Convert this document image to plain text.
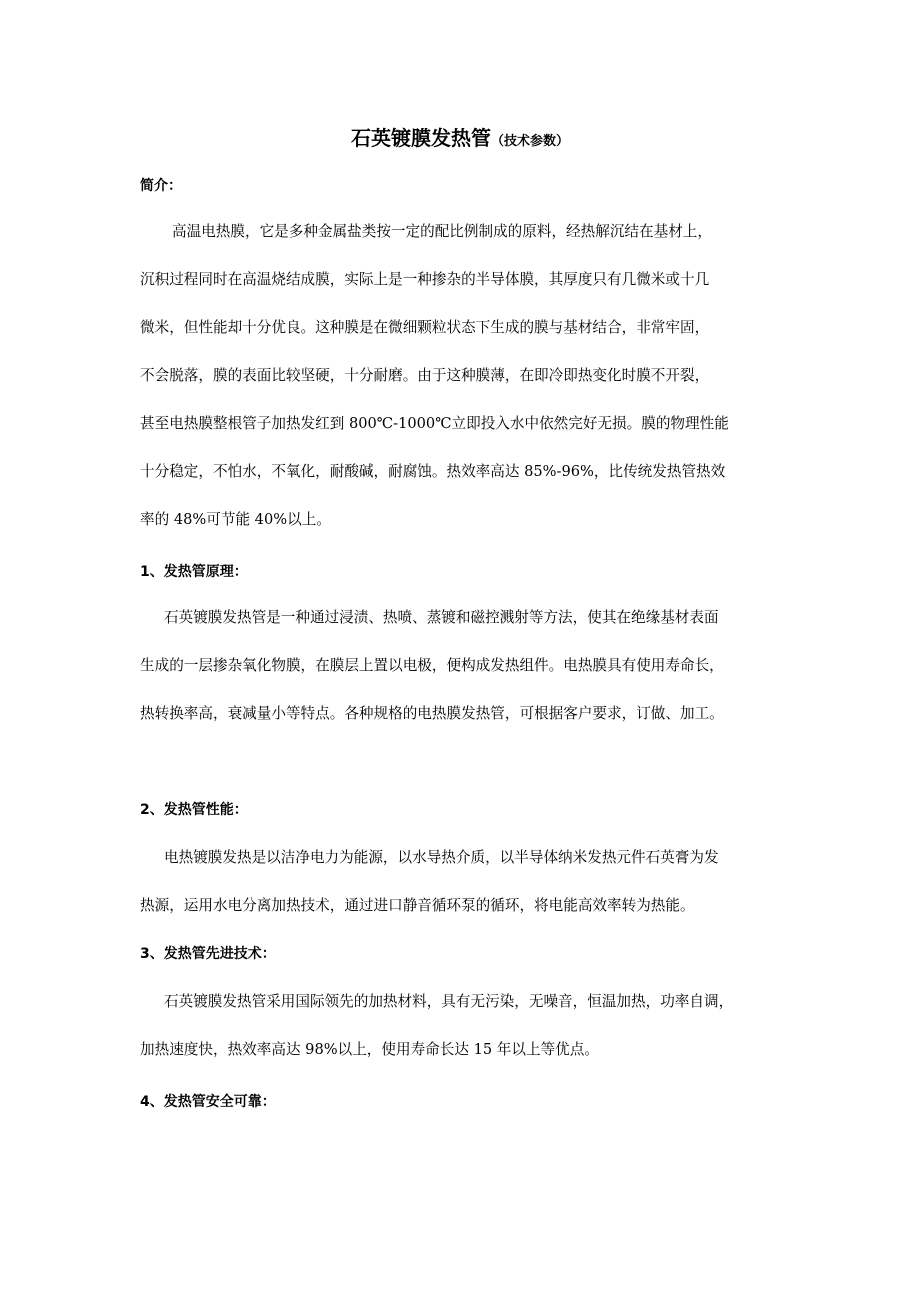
石英镀膜发热管（技术参数）
简介：
高温电热膜，它是多种金属盐类按一定的配比例制成的原料，经热解沉结在基材上，
沉积过程同时在高温烧结成膜，实际上是一种掺杂的半导体膜，其厚度只有几微米或十几
微米，但性能却十分优良。这种膜是在微细颗粒状态下生成的膜与基材结合，非常牢固，
不会脱落，膜的表面比较坚硬，十分耐磨。由于这种膜薄，在即冷即热变化时膜不开裂，
甚至电热膜整根管子加热发红到 800℃-1000℃立即投入水中依然完好无损。膜的物理性能
十分稳定，不怕水，不氧化，耐酸碱，耐腐蚀。热效率高达 85%-96%，比传统发热管热效
率的 48%可节能 40%以上。
1、发热管原理：
石英镀膜发热管是一种通过浸渍、热喷、蒸镀和磁控溅射等方法，使其在绝缘基材表面
生成的一层掺杂氧化物膜，在膜层上置以电极，便构成发热组件。电热膜具有使用寿命长，
热转换率高，衰减量小等特点。各种规格的电热膜发热管，可根据客户要求，订做、加工。
2、发热管性能：
电热镀膜发热是以洁净电力为能源，以水导热介质，以半导体纳米发热元件石英膏为发
热源，运用水电分离加热技术，通过进口静音循环泵的循环，将电能高效率转为热能。
3、发热管先进技术：
石英镀膜发热管采用国际领先的加热材料，具有无污染，无噪音，恒温加热，功率自调，
加热速度快，热效率高达 98%以上，使用寿命长达 15 年以上等优点。
4、发热管安全可靠：
